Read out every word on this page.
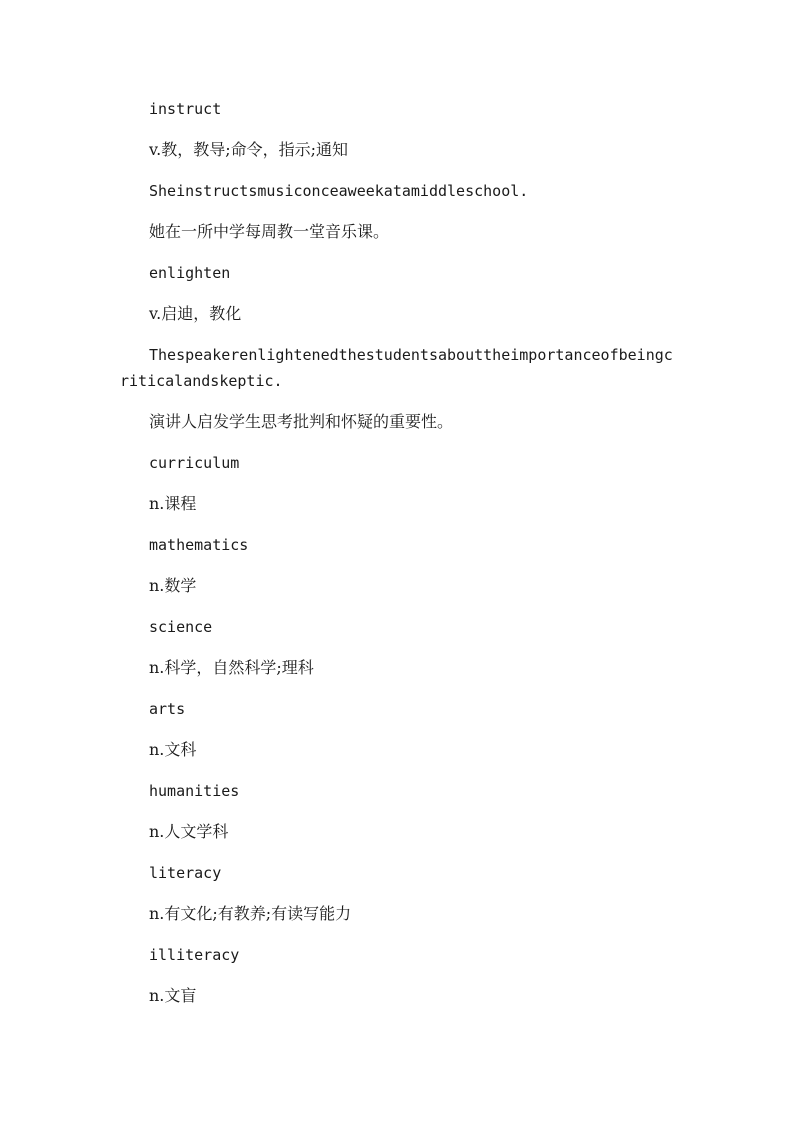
instruct

v.教，教导;命令，指示;通知

Sheinstructsmusiconceaweekatamiddleschool.

她在一所中学每周教一堂音乐课。

enlighten

v.启迪，教化

Thespeakerenlightenedthestudentsabouttheimportanceofbeingcriticalandskeptic.

演讲人启发学生思考批判和怀疑的重要性。

curriculum

n.课程

mathematics

n.数学

science

n.科学，自然科学;理科

arts

n.文科

humanities

n.人文学科

literacy

n.有文化;有教养;有读写能力

illiteracy

n.文盲
